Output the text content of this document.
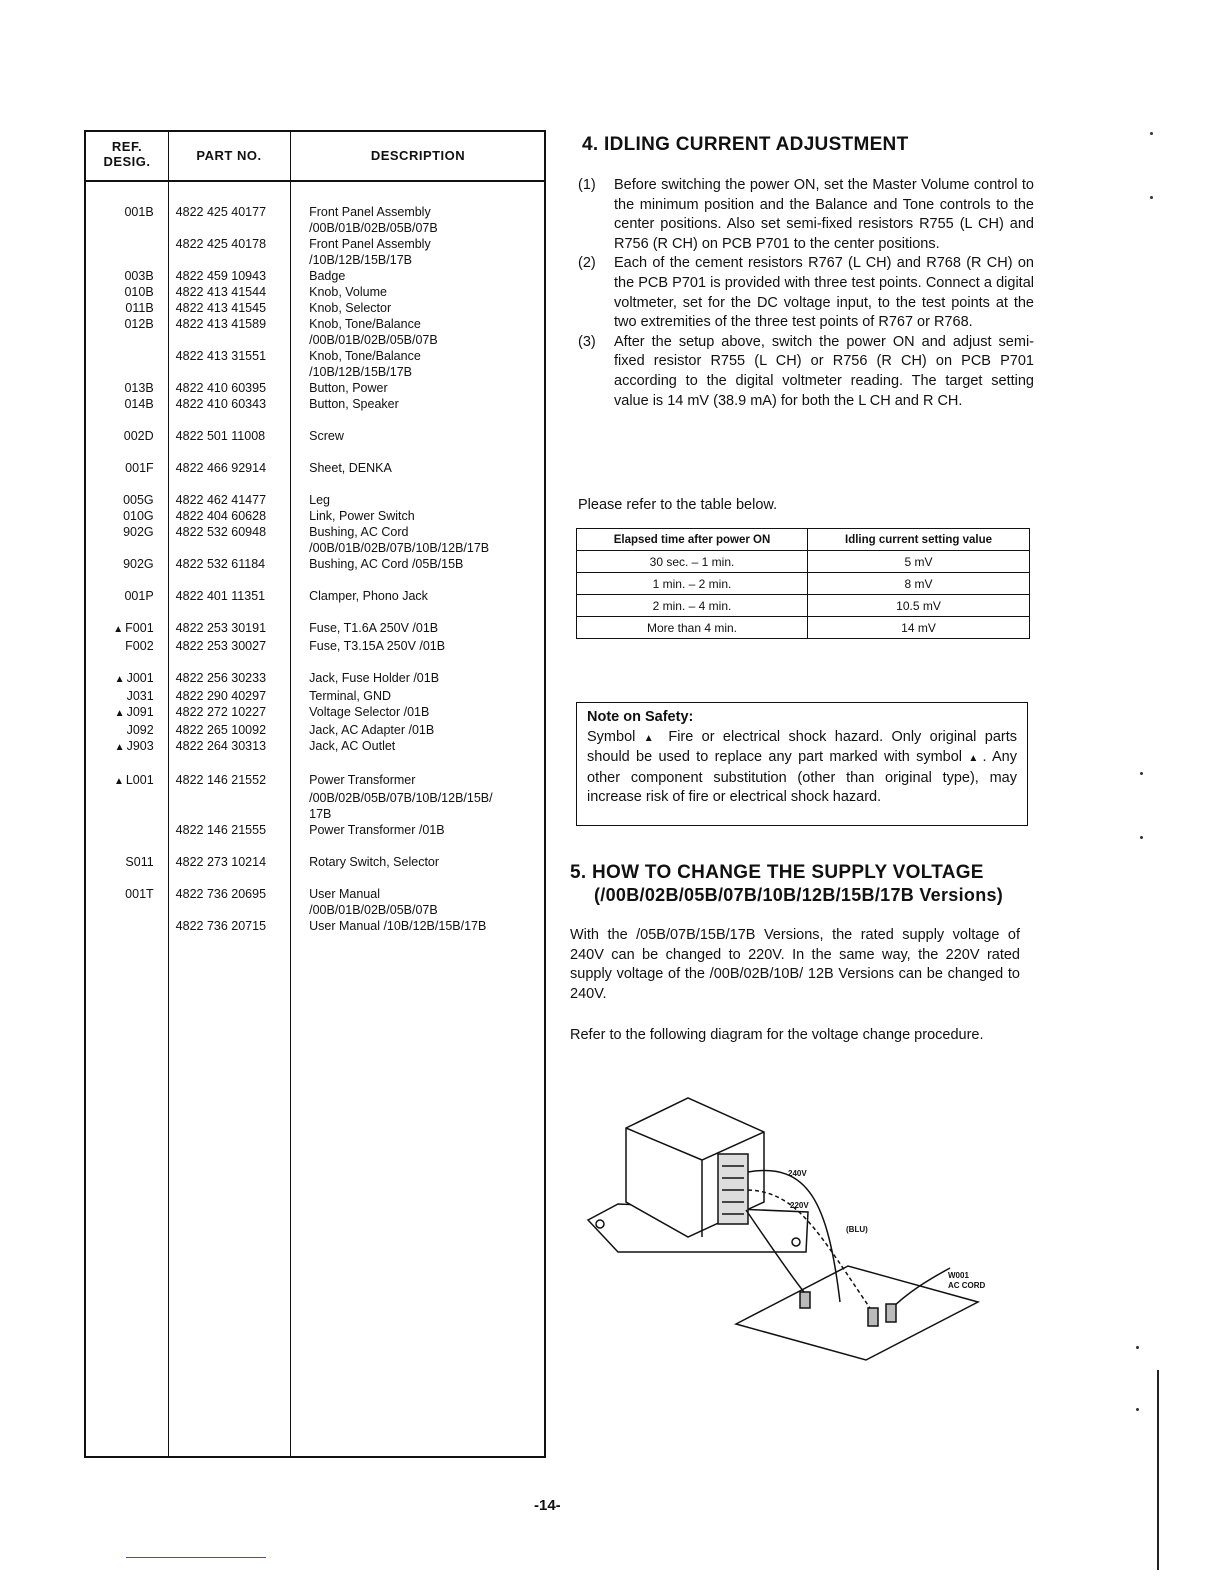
REF.
DESIG.	PART NO.	DESCRIPTION
001B	4822 425 40177	Front Panel Assembly
/00B/01B/02B/05B/07B
4822 425 40178	Front Panel Assembly
/10B/12B/15B/17B
003B	4822 459 10943	Badge
010B	4822 413 41544	Knob, Volume
011B	4822 413 41545	Knob, Selector
012B	4822 413 41589	Knob, Tone/Balance
/00B/01B/02B/05B/07B
4822 413 31551	Knob, Tone/Balance
/10B/12B/15B/17B
013B	4822 410 60395	Button, Power
014B	4822 410 60343	Button, Speaker
002D	4822 501 11008	Screw
001F	4822 466 92914	Sheet, DENKA
005G	4822 462 41477	Leg
010G	4822 404 60628	Link, Power Switch
902G	4822 532 60948	Bushing, AC Cord
/00B/01B/02B/07B/10B/12B/17B
902G	4822 532 61184	Bushing, AC Cord /05B/15B
001P	4822 401 11351	Clamper, Phono Jack
▲ F001	4822 253 30191	Fuse, T1.6A 250V /01B
F002	4822 253 30027	Fuse, T3.15A 250V /01B
▲ J001	4822 256 30233	Jack, Fuse Holder /01B
J031	4822 290 40297	Terminal, GND
▲ J091	4822 272 10227	Voltage Selector /01B
J092	4822 265 10092	Jack, AC Adapter /01B
▲ J903	4822 264 30313	Jack, AC Outlet
▲ L001	4822 146 21552	Power Transformer
/00B/02B/05B/07B/10B/12B/15B/
17B
4822 146 21555	Power Transformer /01B
S011	4822 273 10214	Rotary Switch, Selector
001T	4822 736 20695	User Manual
/00B/01B/02B/05B/07B
4822 736 20715	User Manual /10B/12B/15B/17B
4. IDLING CURRENT ADJUSTMENT
(1)	Before switching the power ON, set the Master Volume control to the minimum position and the Balance and Tone controls to the center positions. Also set semi-fixed resistors R755 (L CH) and R756 (R CH) on PCB P701 to the center positions.
(2)	Each of the cement resistors R767 (L CH) and R768 (R CH) on the PCB P701 is provided with three test points. Connect a digital voltmeter, set for the DC voltage input, to the test points at the two extremities of the three test points of R767 or R768.
(3)	After the setup above, switch the power ON and adjust semi-fixed resistor R755 (L CH) or R756 (R CH) on PCB P701 according to the digital voltmeter reading. The target setting value is 14 mV (38.9 mA) for both the L CH and R CH.
Please refer to the table below.
Elapsed time after power ON	Idling current setting value
30 sec. – 1 min.	5 mV
1 min. – 2 min.	8 mV
2 min. – 4 min.	10.5 mV
More than 4 min.	14 mV
Note on Safety:
Symbol ▲ Fire or electrical shock hazard. Only original parts should be used to replace any part marked with symbol ▲ . Any other component substitution (other than original type), may increase risk of fire or electrical shock hazard.
5. HOW TO CHANGE THE SUPPLY VOLTAGE
(/00B/02B/05B/07B/10B/12B/15B/17B Versions)
With the /05B/07B/15B/17B Versions, the rated supply voltage of 240V can be changed to 220V. In the same way, the 220V rated supply voltage of the /00B/02B/10B/ 12B Versions can be changed to 240V.
Refer to the following diagram for the voltage change procedure.
240V
220V
(BLU)
W001
AC CORD
-14-
